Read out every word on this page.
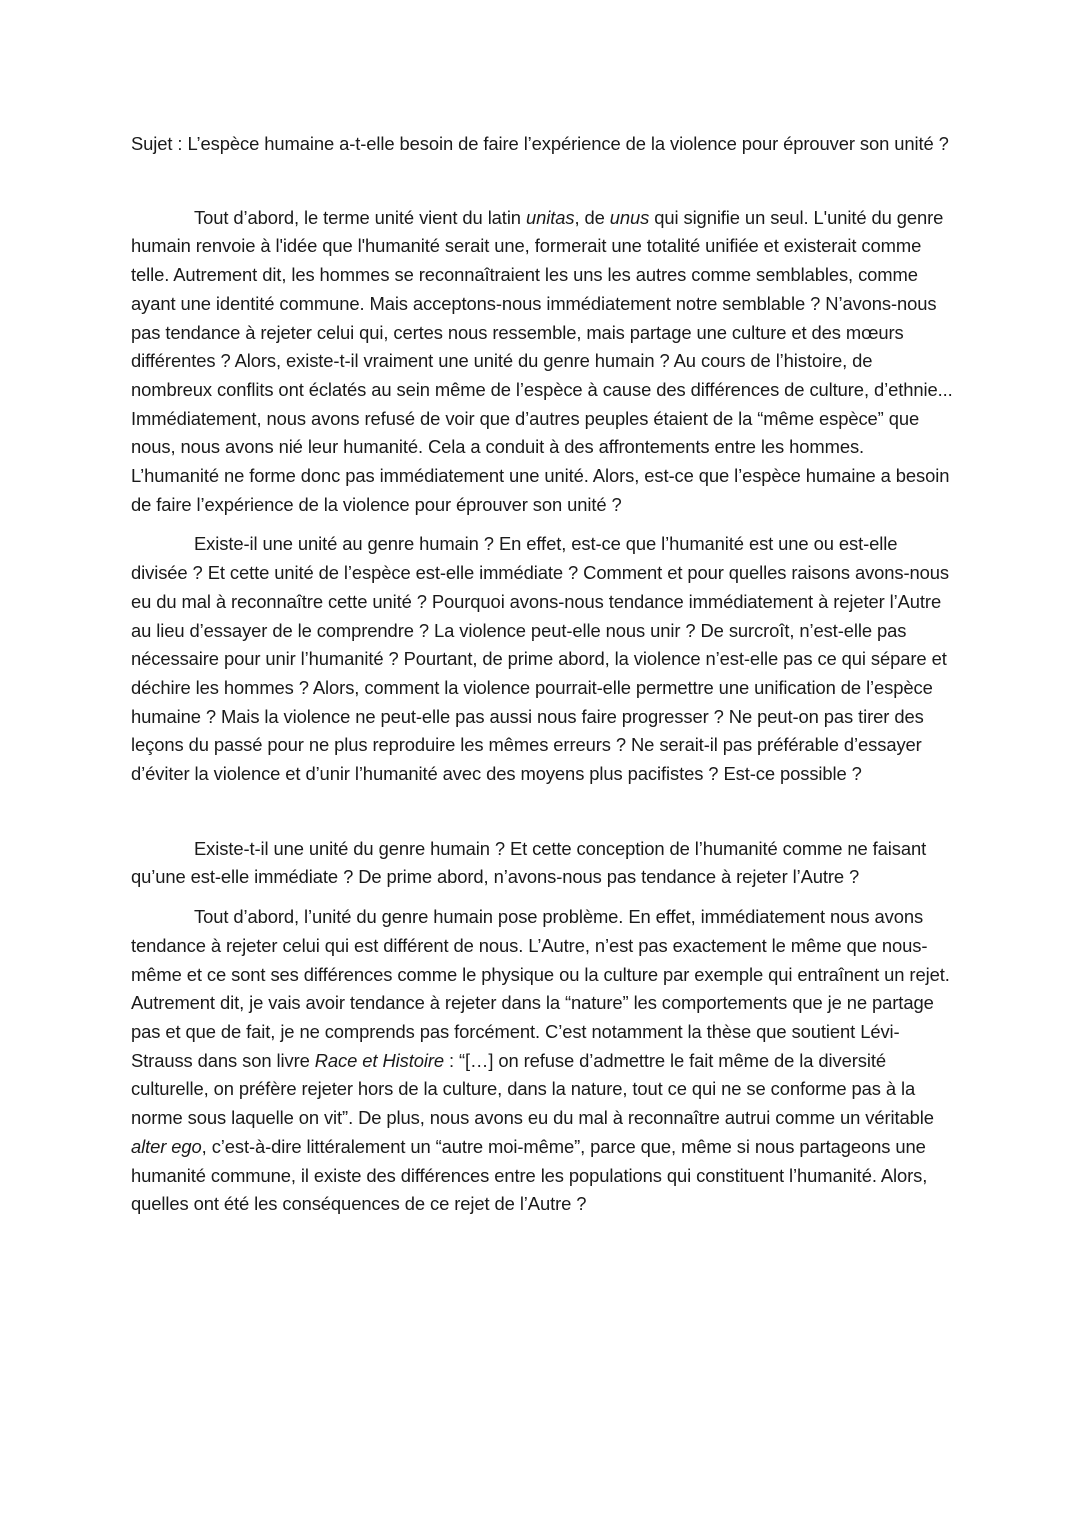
Sujet : L’espèce humaine a-t-elle besoin de faire l’expérience de la violence pour éprouver son unité ?
Tout d’abord, le terme unité vient du latin unitas, de unus qui signifie un seul. L'unité du genre humain renvoie à l'idée que l'humanité serait une, formerait une totalité unifiée et existerait comme telle. Autrement dit, les hommes se reconnaîtraient les uns les autres comme semblables, comme ayant une identité commune. Mais acceptons-nous immédiatement notre semblable ? N’avons-nous pas tendance à rejeter celui qui, certes nous ressemble, mais partage une culture et des mœurs différentes ? Alors, existe-t-il vraiment une unité du genre humain ? Au cours de l’histoire, de nombreux conflits ont éclatés au sein même de l’espèce à cause des différences de culture, d’ethnie... Immédiatement, nous avons refusé de voir que d’autres peuples étaient de la “même espèce” que nous, nous avons nié leur humanité. Cela a conduit à des affrontements entre les hommes. L’humanité ne forme donc pas immédiatement une unité. Alors, est-ce que l’espèce humaine a besoin de faire l’expérience de la violence pour éprouver son unité ?
Existe-il une unité au genre humain ? En effet, est-ce que l’humanité est une ou est-elle divisée ? Et cette unité de l’espèce est-elle immédiate ? Comment et pour quelles raisons avons-nous eu du mal à reconnaître cette unité ? Pourquoi avons-nous tendance immédiatement à rejeter l’Autre au lieu d’essayer de le comprendre ? La violence peut-elle nous unir ? De surcroît, n’est-elle pas nécessaire pour unir l’humanité ? Pourtant, de prime abord, la violence n’est-elle pas ce qui sépare et déchire les hommes ? Alors, comment la violence pourrait-elle permettre une unification de l’espèce humaine ? Mais la violence ne peut-elle pas aussi nous faire progresser ? Ne peut-on pas tirer des leçons du passé pour ne plus reproduire les mêmes erreurs ? Ne serait-il pas préférable d’essayer d’éviter la violence et d’unir l’humanité avec des moyens plus pacifistes ? Est-ce possible ?
Existe-t-il une unité du genre humain ? Et cette conception de l’humanité comme ne faisant qu’une est-elle immédiate ? De prime abord, n’avons-nous pas tendance à rejeter l’Autre ?
Tout d’abord, l’unité du genre humain pose problème. En effet, immédiatement nous avons tendance à rejeter celui qui est différent de nous. L’Autre, n’est pas exactement le même que nous-même et ce sont ses différences comme le physique ou la culture par exemple qui entraînent un rejet. Autrement dit, je vais avoir tendance à rejeter dans la “nature” les comportements que je ne partage pas et que de fait, je ne comprends pas forcément. C’est notamment la thèse que soutient Lévi-Strauss dans son livre Race et Histoire : “[…] on refuse d’admettre le fait même de la diversité culturelle, on préfère rejeter hors de la culture, dans la nature, tout ce qui ne se conforme pas à la norme sous laquelle on vit”. De plus, nous avons eu du mal à reconnaître autrui comme un véritable alter ego, c’est-à-dire littéralement un “autre moi-même”, parce que, même si nous partageons une humanité commune, il existe des différences entre les populations qui constituent l’humanité. Alors, quelles ont été les conséquences de ce rejet de l’Autre ?
